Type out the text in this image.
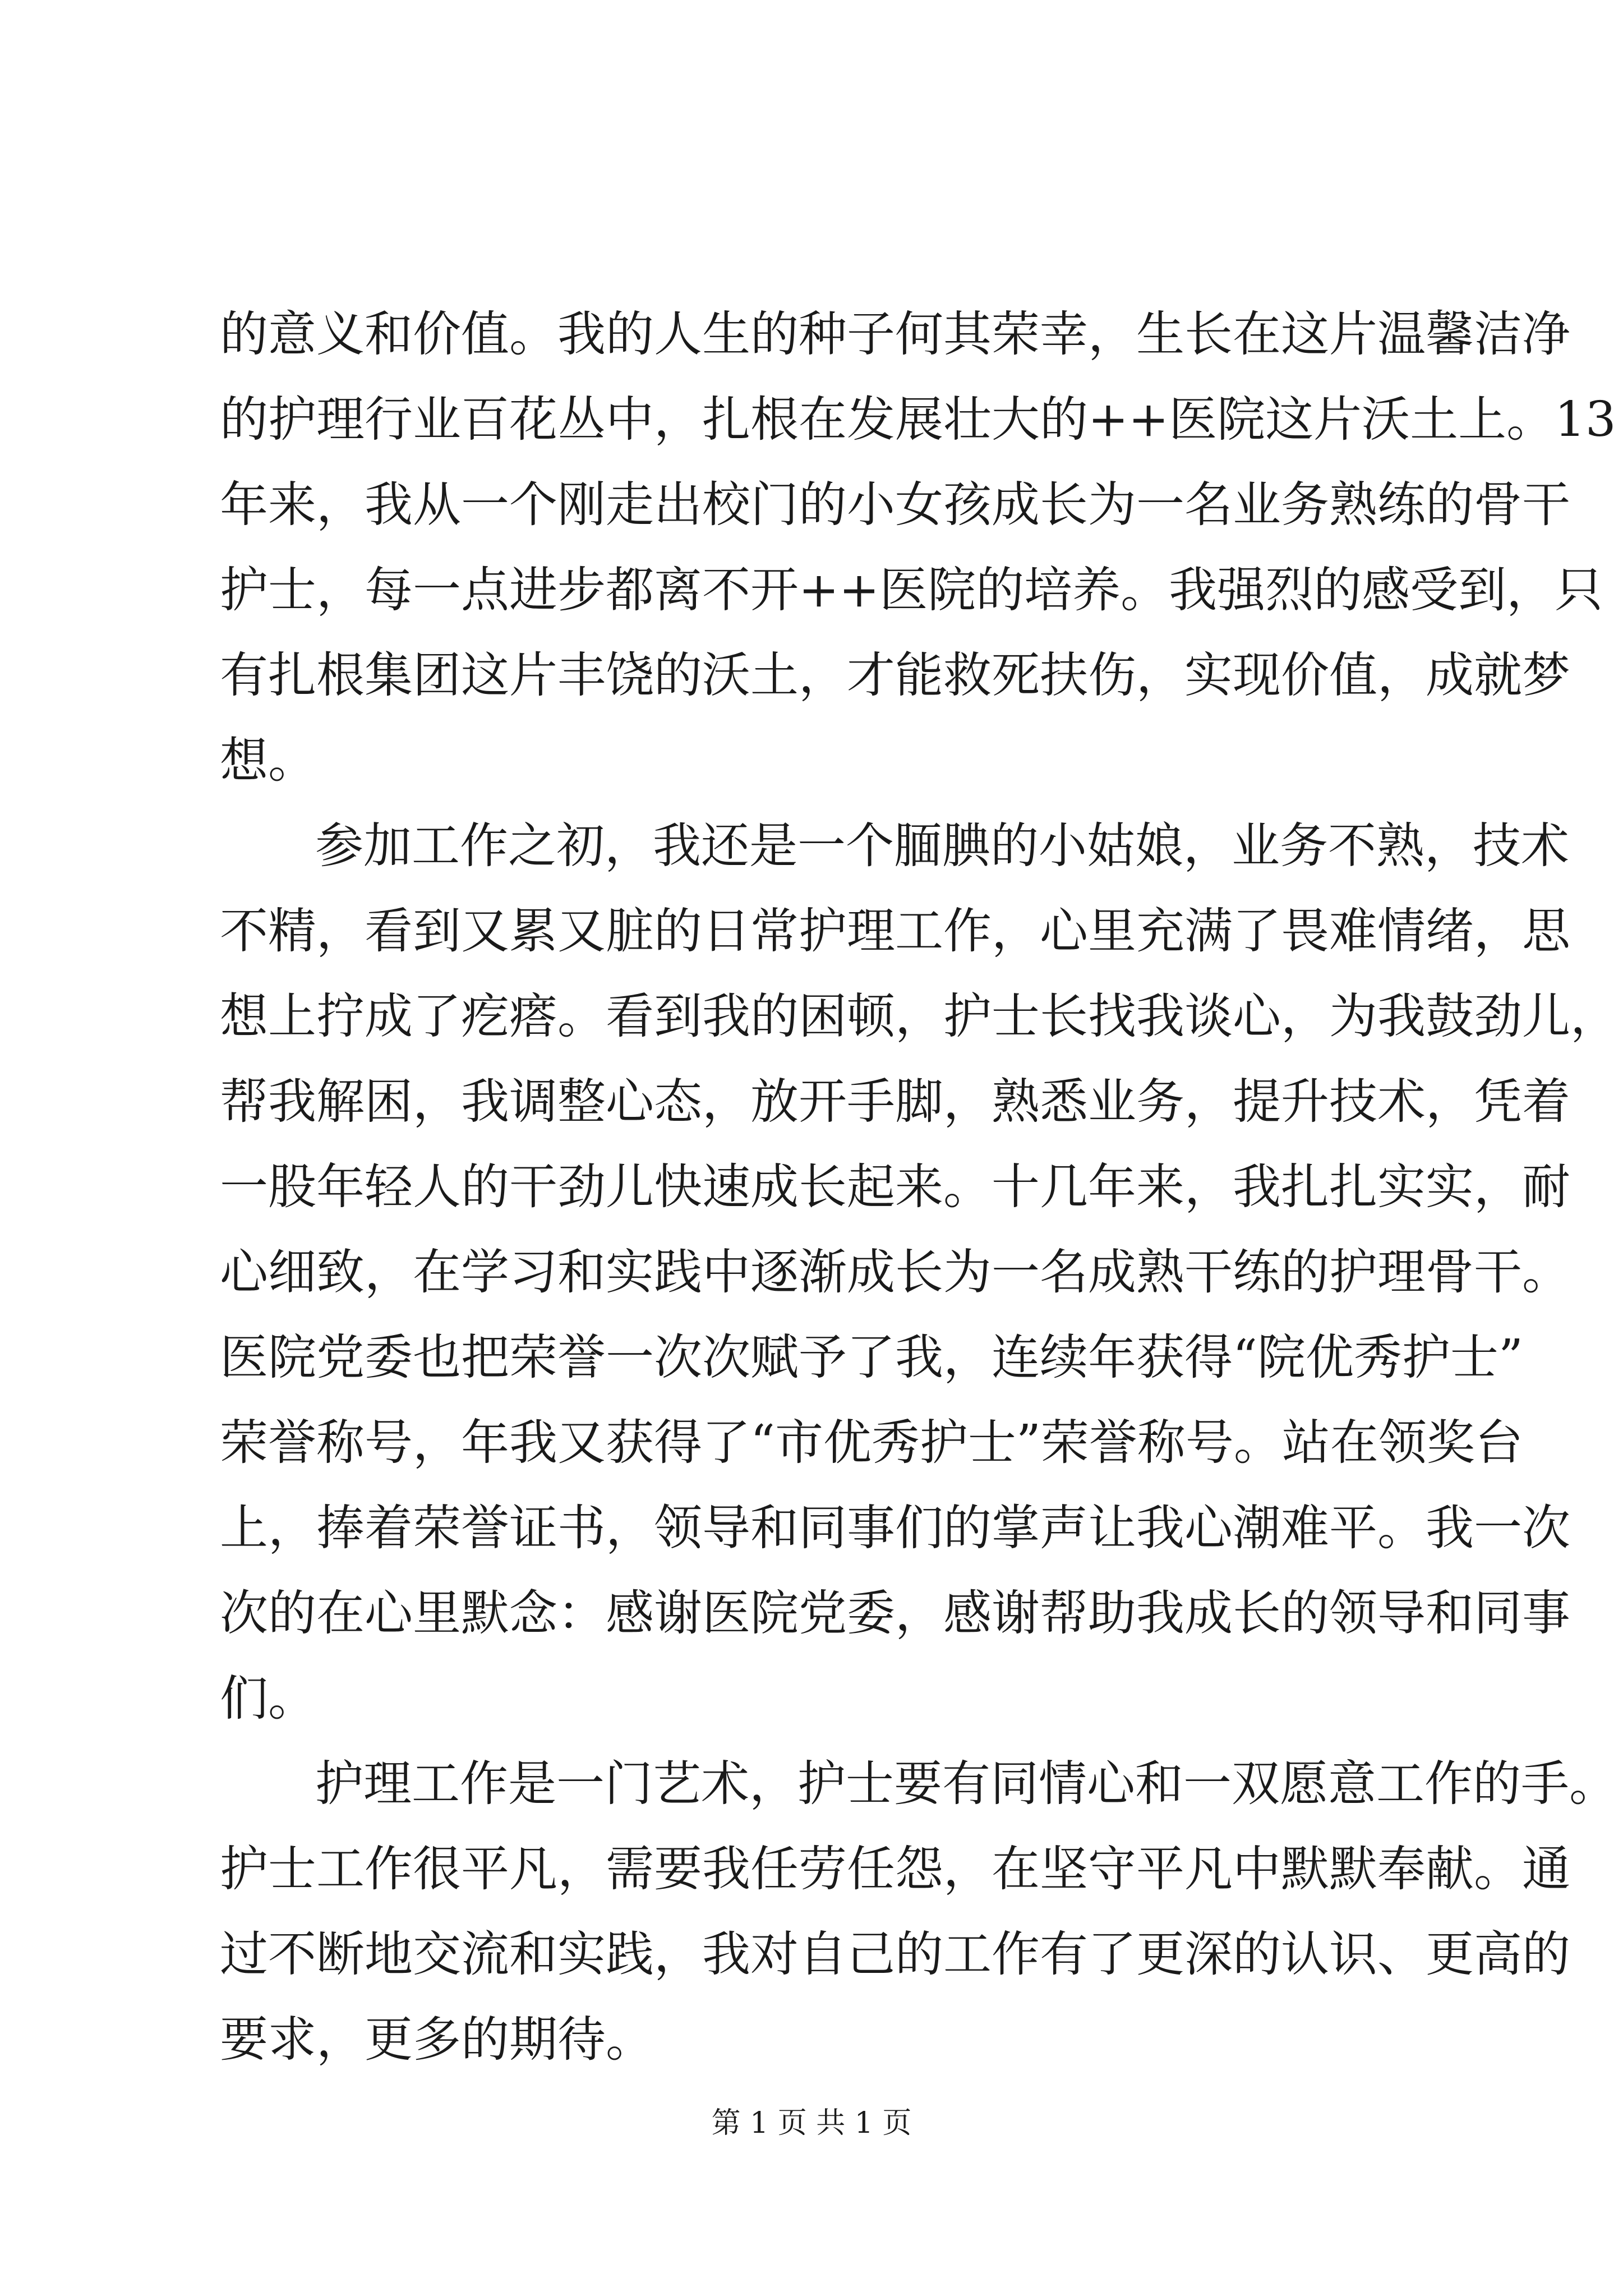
的意义和价值。我的人生的种子何其荣幸，生长在这片温馨洁净

的护理行业百花丛中，扎根在发展壮大的++医院这片沃土上。13

年来，我从一个刚走出校门的小女孩成长为一名业务熟练的骨干

护士，每一点进步都离不开++医院的培养。我强烈的感受到，只

有扎根集团这片丰饶的沃土，才能救死扶伤，实现价值，成就梦

想。

参加工作之初，我还是一个腼腆的小姑娘，业务不熟，技术

不精，看到又累又脏的日常护理工作，心里充满了畏难情绪，思

想上拧成了疙瘩。看到我的困顿，护士长找我谈心，为我鼓劲儿，

帮我解困，我调整心态，放开手脚，熟悉业务，提升技术，凭着

一股年轻人的干劲儿快速成长起来。十几年来，我扎扎实实，耐

心细致，在学习和实践中逐渐成长为一名成熟干练的护理骨干。

医院党委也把荣誉一次次赋予了我，连续年获得“院优秀护士”

荣誉称号，年我又获得了“市优秀护士”荣誉称号。站在领奖台

上，捧着荣誉证书，领导和同事们的掌声让我心潮难平。我一次

次的在心里默念：感谢医院党委，感谢帮助我成长的领导和同事

们。

护理工作是一门艺术，护士要有同情心和一双愿意工作的手。

护士工作很平凡，需要我任劳任怨，在坚守平凡中默默奉献。通

过不断地交流和实践，我对自己的工作有了更深的认识、更高的

要求，更多的期待。

第 1 页 共 1 页
